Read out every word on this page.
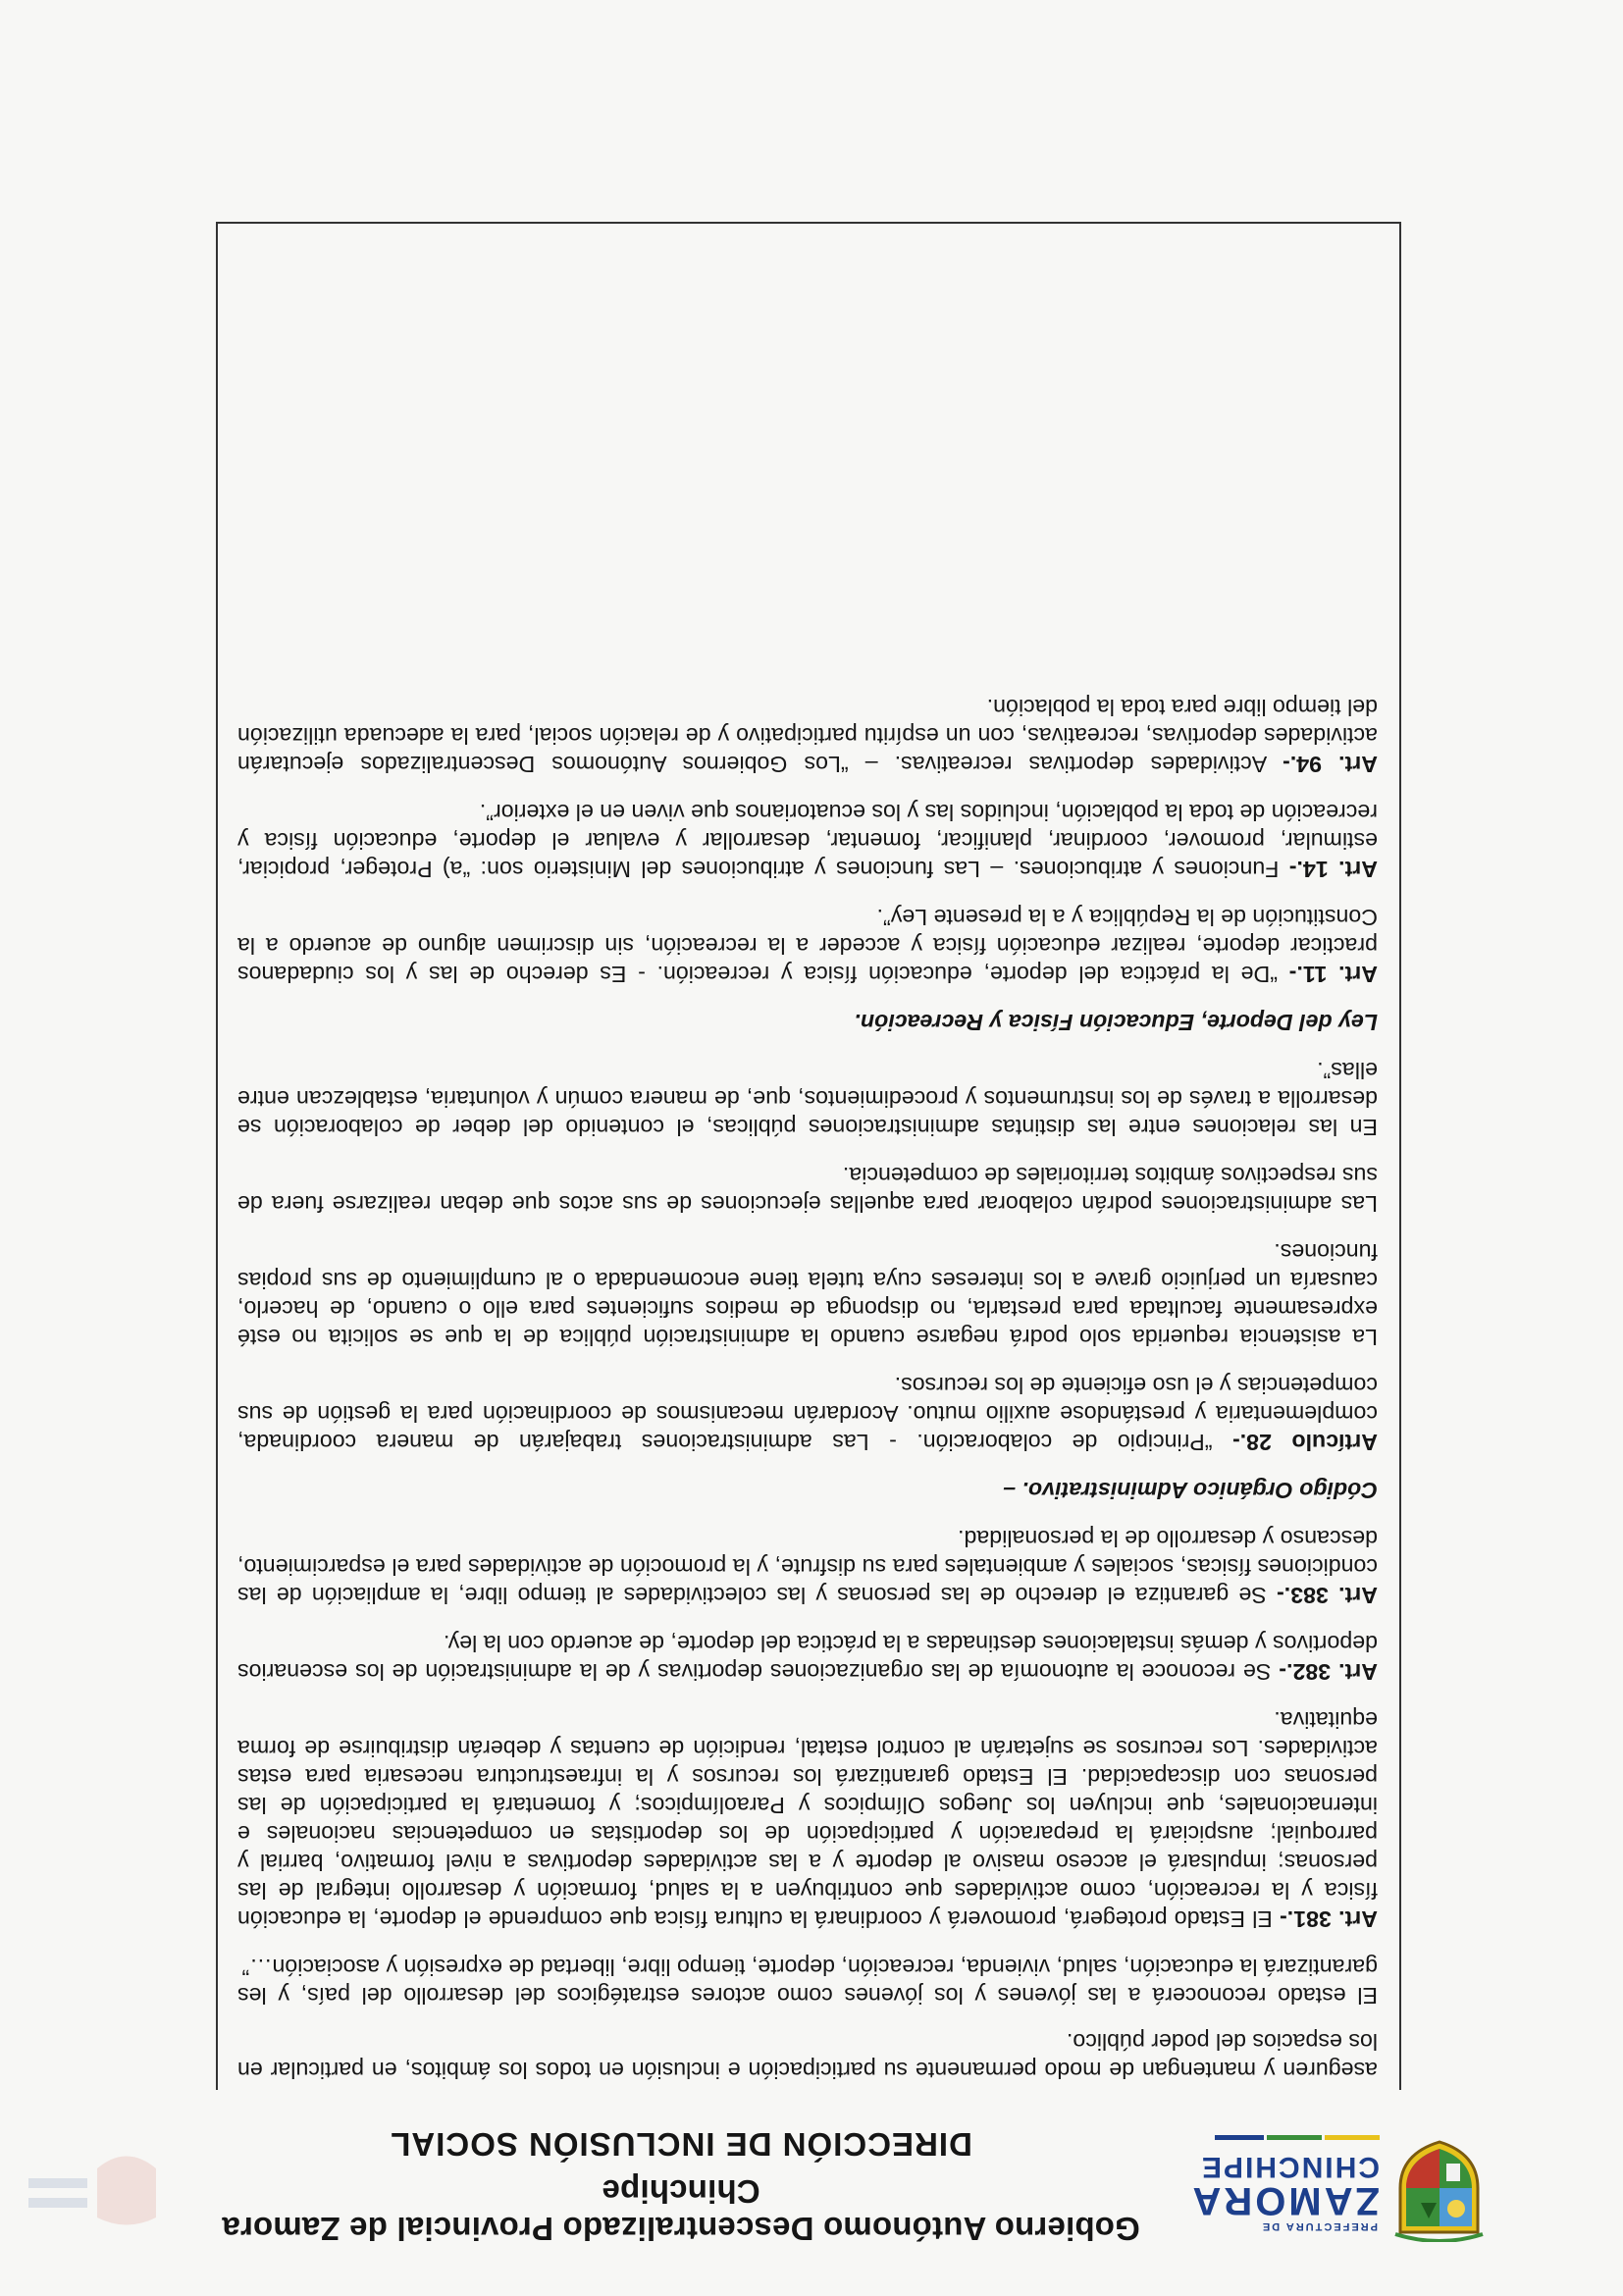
PREFECTURA DE
ZAMORA
CHINCHIPE
Gobierno Autónomo Descentralizado Provincial de Zamora Chinchipe
DIRECCIÓN DE INCLUSIÓN SOCIAL

aseguren y mantengan de modo permanente su participación e inclusión en todos los ámbitos, en particular en los espacios del poder público.

El estado reconocerá a las jóvenes y los jóvenes como actores estratégicos del desarrollo del país, y les garantizará la educación, salud, vivienda, recreación, deporte, tiempo libre, libertad de expresión y asociación…”

Art. 381.- El Estado protegerá, promoverá y coordinará la cultura física que comprende el deporte, la educación física y la recreación, como actividades que contribuyen a la salud, formación y desarrollo integral de las personas; impulsará el acceso masivo al deporte y a las actividades deportivas a nivel formativo, barrial y parroquial; auspiciará la preparación y participación de los deportistas en competencias nacionales e internacionales, que incluyen los Juegos Olímpicos y Paraolímpicos; y fomentará la participación de las personas con discapacidad. El Estado garantizará los recursos y la infraestructura necesaria para estas actividades. Los recursos se sujetarán al control estatal, rendición de cuentas y deberán distribuirse de forma equitativa.

Art. 382.- Se reconoce la autonomía de las organizaciones deportivas y de la administración de los escenarios deportivos y demás instalaciones destinadas a la práctica del deporte, de acuerdo con la ley.

Art. 383.- Se garantiza el derecho de las personas y las colectividades al tiempo libre, la ampliación de las condiciones físicas, sociales y ambientales para su disfrute, y la promoción de actividades para el esparcimiento, descanso y desarrollo de la personalidad.

Código Orgánico Administrativo. –

Artículo 28.- “Principio de colaboración. - Las administraciones trabajarán de manera coordinada, complementaria y prestándose auxilio mutuo. Acordarán mecanismos de coordinación para la gestión de sus competencias y el uso eficiente de los recursos.

La asistencia requerida solo podrá negarse cuando la administración pública de la que se solicita no esté expresamente facultada para prestarla, no disponga de medios suficientes para ello o cuando, de hacerlo, causaría un perjuicio grave a los intereses cuya tutela tiene encomendada o al cumplimiento de sus propias funciones.

Las administraciones podrán colaborar para aquellas ejecuciones de sus actos que deban realizarse fuera de sus respectivos ámbitos territoriales de competencia.

En las relaciones entre las distintas administraciones públicas, el contenido del deber de colaboración se desarrolla a través de los instrumentos y procedimientos, que, de manera común y voluntaria, establezcan entre ellas”.

Ley del Deporte, Educación Física y Recreación.

Art. 11.- “De la práctica del deporte, educación física y recreación. - Es derecho de las y los ciudadanos practicar deporte, realizar educación física y acceder a la recreación, sin discrimen alguno de acuerdo a la Constitución de la República y a la presente Ley”.

Art. 14.- Funciones y atribuciones. – Las funciones y atribuciones del Ministerio son: “a) Proteger, propiciar, estimular, promover, coordinar, planificar, fomentar, desarrollar y evaluar el deporte, educación física y recreación de toda la población, incluidos las y los ecuatorianos que viven en el exterior”.

Art. 94.- Actividades deportivas recreativas. – “Los Gobiernos Autónomos Descentralizados ejecutarán actividades deportivas, recreativas, con un espíritu participativo y de relación social, para la adecuada utilización del tiempo libre para toda la población.
